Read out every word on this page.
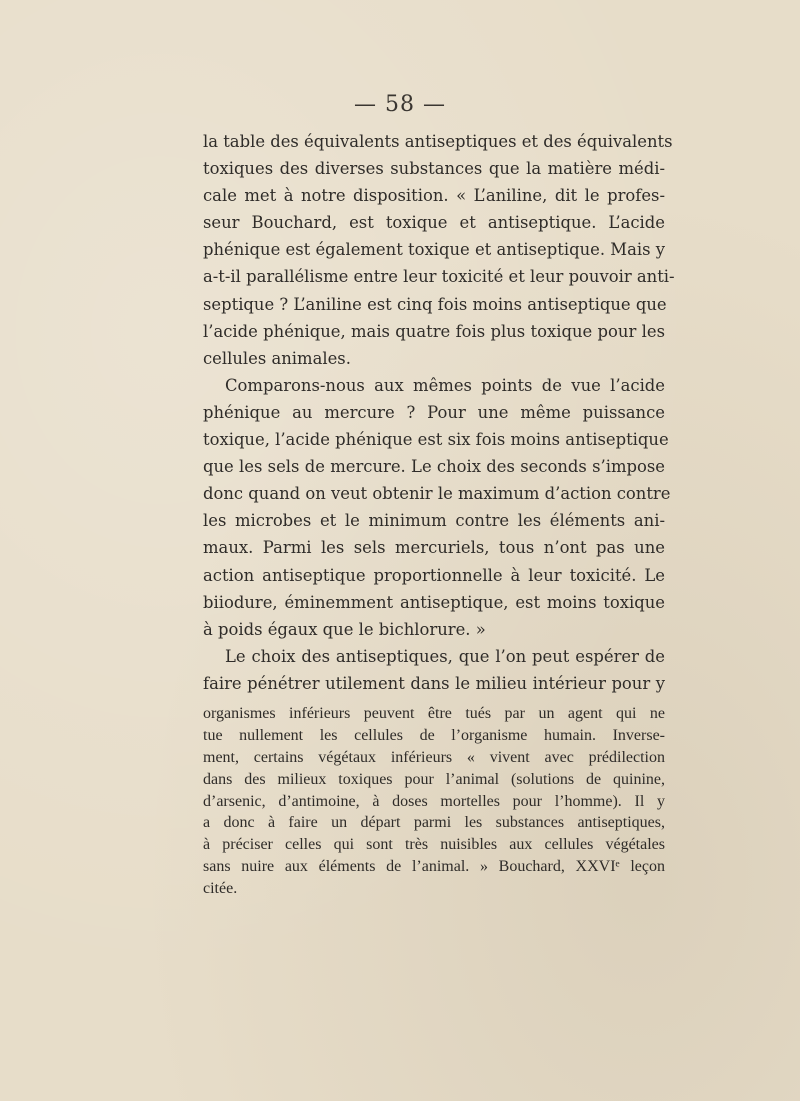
— 58 —
la table des équivalents antiseptiques et des équivalents
toxiques des diverses substances que la matière médi-
cale met à notre disposition. « L’aniline, dit le profes-
seur Bouchard, est toxique et antiseptique. L’acide
phénique est également toxique et antiseptique. Mais y
a-t-il parallélisme entre leur toxicité et leur pouvoir anti-
septique ? L’aniline est cinq fois moins antiseptique que
l’acide phénique, mais quatre fois plus toxique pour les
cellules animales.
Comparons-nous aux mêmes points de vue l’acide
phénique au mercure ? Pour une même puissance
toxique, l’acide phénique est six fois moins antiseptique
que les sels de mercure. Le choix des seconds s’impose
donc quand on veut obtenir le maximum d’action contre
les microbes et le minimum contre les éléments ani-
maux. Parmi les sels mercuriels, tous n’ont pas une
action antiseptique proportionnelle à leur toxicité. Le
biiodure, éminemment antiseptique, est moins toxique
à poids égaux que le bichlorure. »
Le choix des antiseptiques, que l’on peut espérer de
faire pénétrer utilement dans le milieu intérieur pour y
organismes inférieurs peuvent être tués par un agent qui ne
tue nullement les cellules de l’organisme humain. Inverse-
ment, certains végétaux inférieurs « vivent avec prédilection
dans des milieux toxiques pour l’animal (solutions de quinine,
d’arsenic, d’antimoine, à doses mortelles pour l’homme). Il y
a donc à faire un départ parmi les substances antiseptiques,
à préciser celles qui sont très nuisibles aux cellules végétales
sans nuire aux éléments de l’animal. » Bouchard, XXVIᵉ leçon
citée.
